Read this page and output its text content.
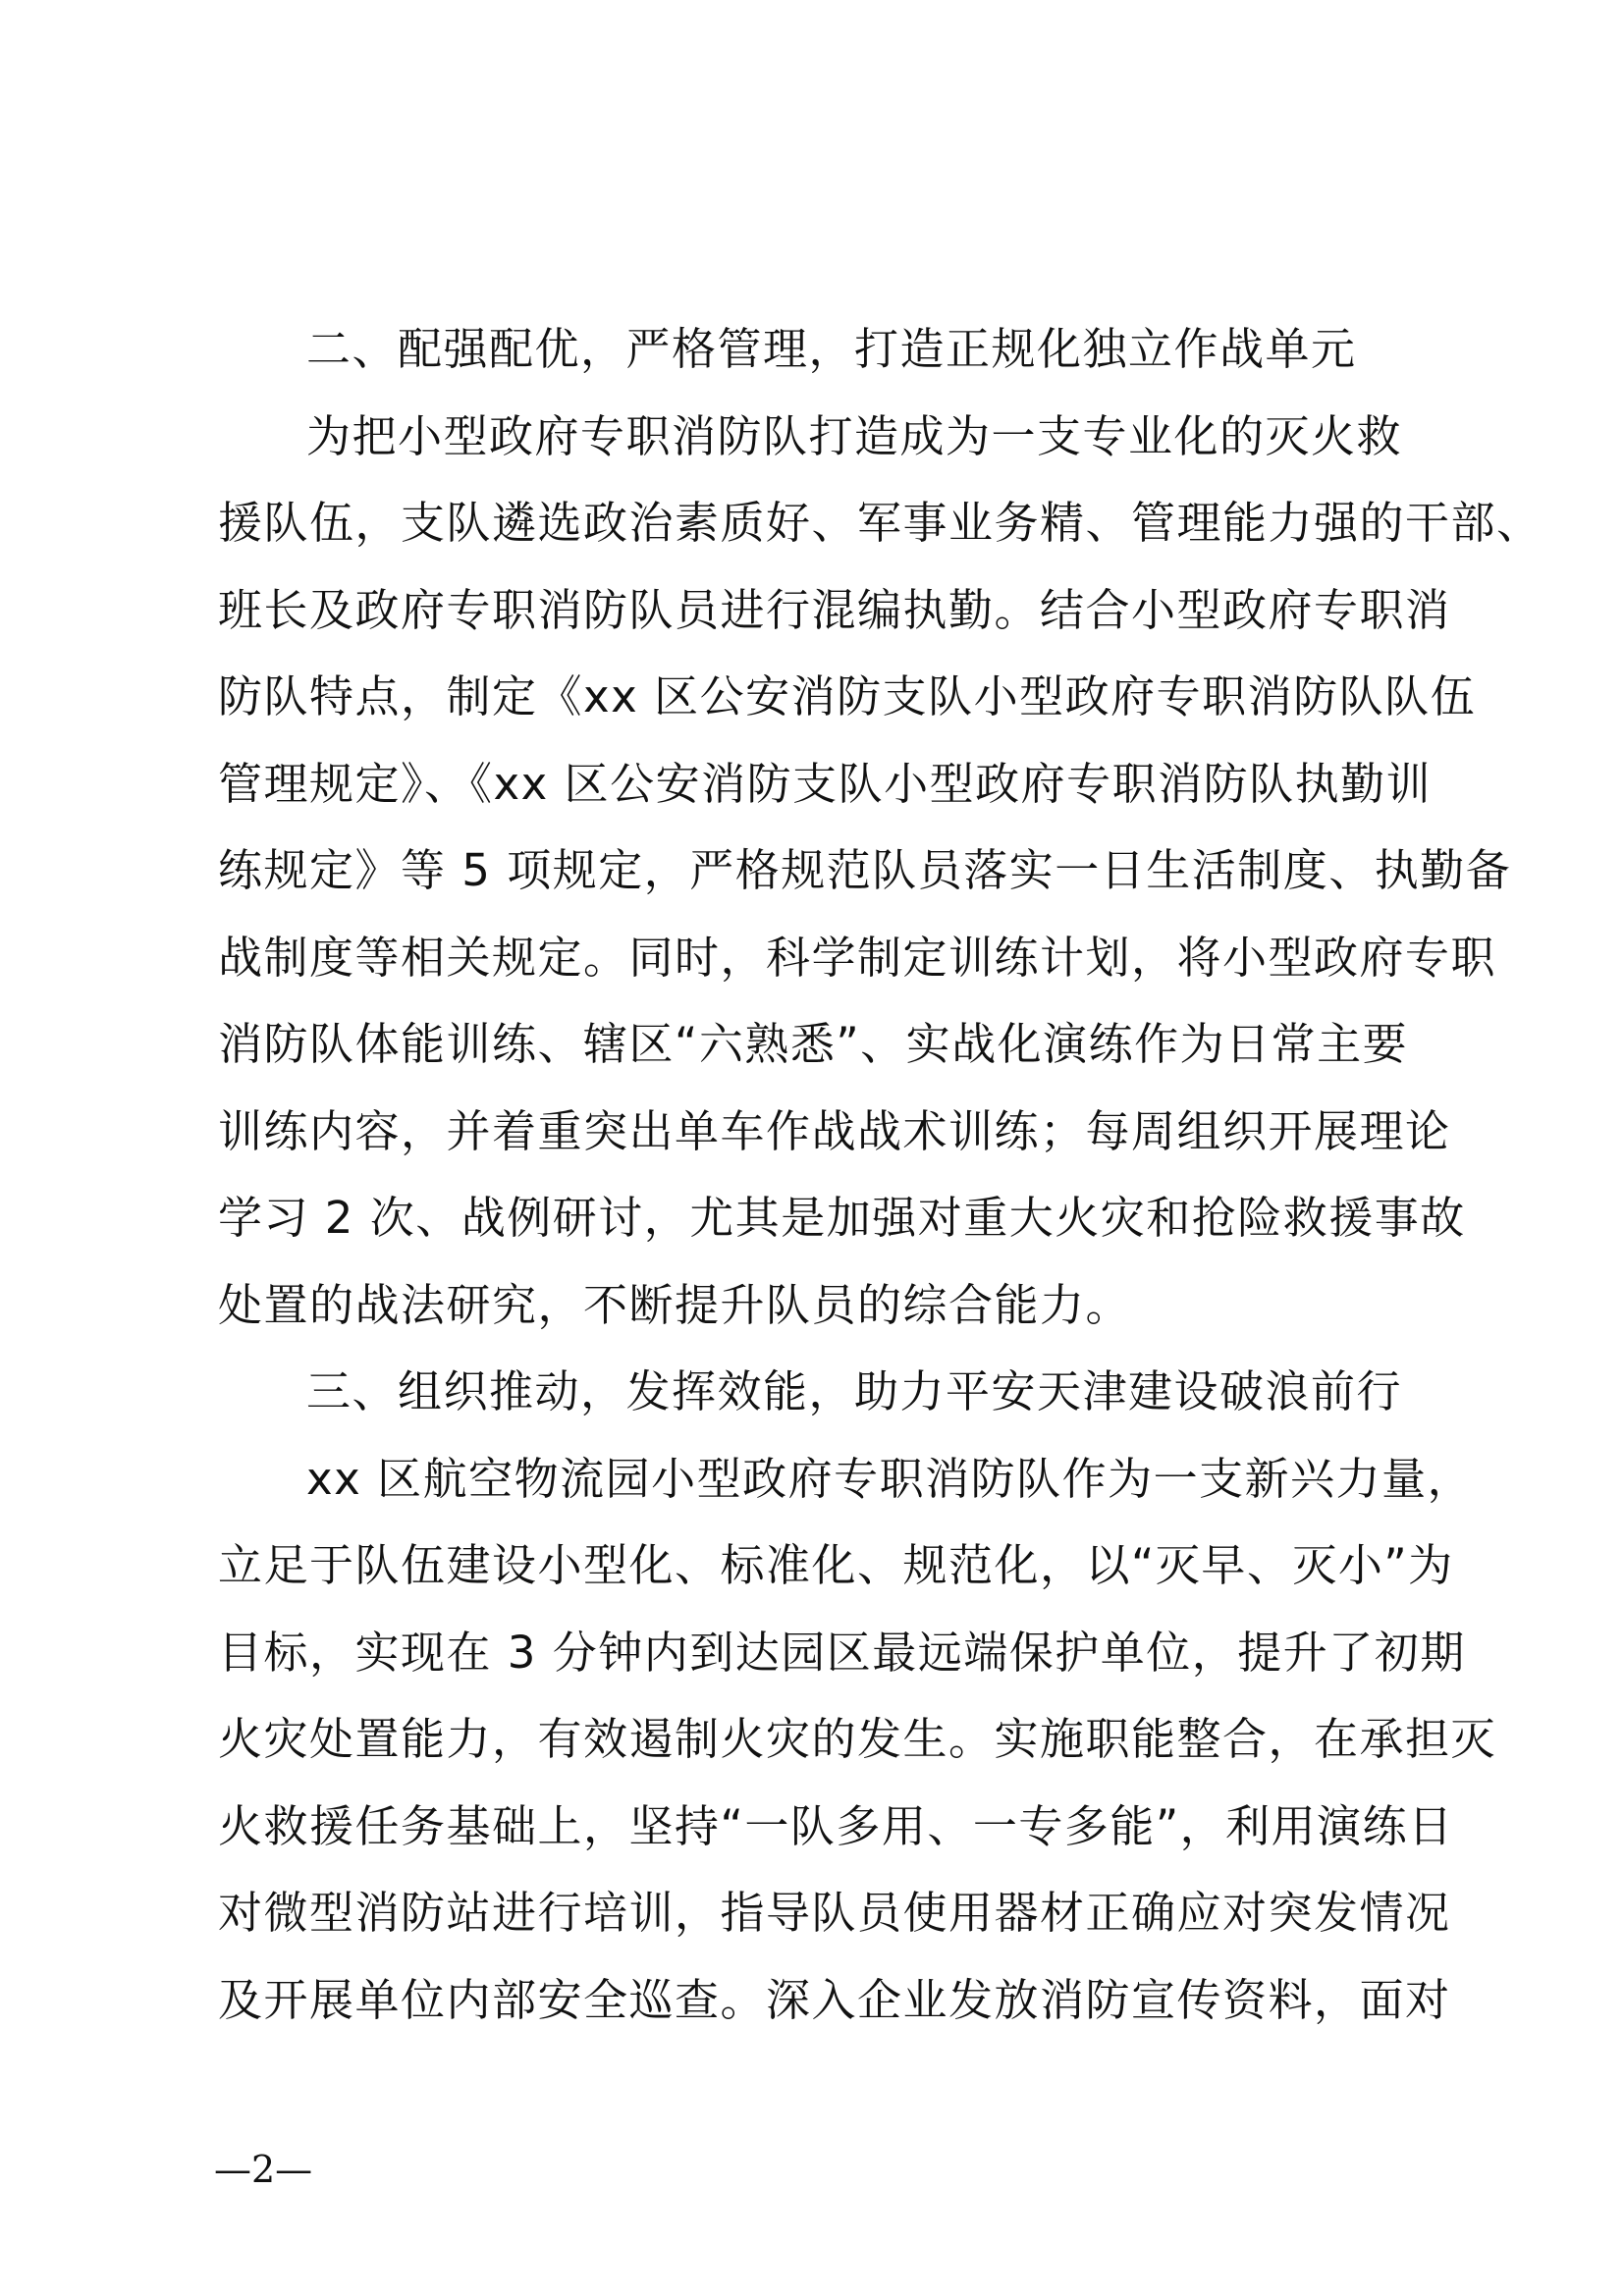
二、配强配优，严格管理，打造正规化独立作战单元
为把小型政府专职消防队打造成为一支专业化的灭火救
援队伍，支队遴选政治素质好、军事业务精、管理能力强的干部、
班长及政府专职消防队员进行混编执勤。结合小型政府专职消
防队特点，制定《xx 区公安消防支队小型政府专职消防队队伍
管理规定》、《xx 区公安消防支队小型政府专职消防队执勤训
练规定》等 5 项规定，严格规范队员落实一日生活制度、执勤备
战制度等相关规定。同时，科学制定训练计划，将小型政府专职
消防队体能训练、辖区“六熟悉”、实战化演练作为日常主要
训练内容，并着重突出单车作战战术训练；每周组织开展理论
学习 2 次、战例研讨，尤其是加强对重大火灾和抢险救援事故
处置的战法研究，不断提升队员的综合能力。
三、组织推动，发挥效能，助力平安天津建设破浪前行
xx 区航空物流园小型政府专职消防队作为一支新兴力量，
立足于队伍建设小型化、标准化、规范化，以“灭早、灭小”为
目标，实现在 3 分钟内到达园区最远端保护单位，提升了初期
火灾处置能力，有效遏制火灾的发生。实施职能整合，在承担灭
火救援任务基础上，坚持“一队多用、一专多能”，利用演练日
对微型消防站进行培训，指导队员使用器材正确应对突发情况
及开展单位内部安全巡查。深入企业发放消防宣传资料，面对
—2—
